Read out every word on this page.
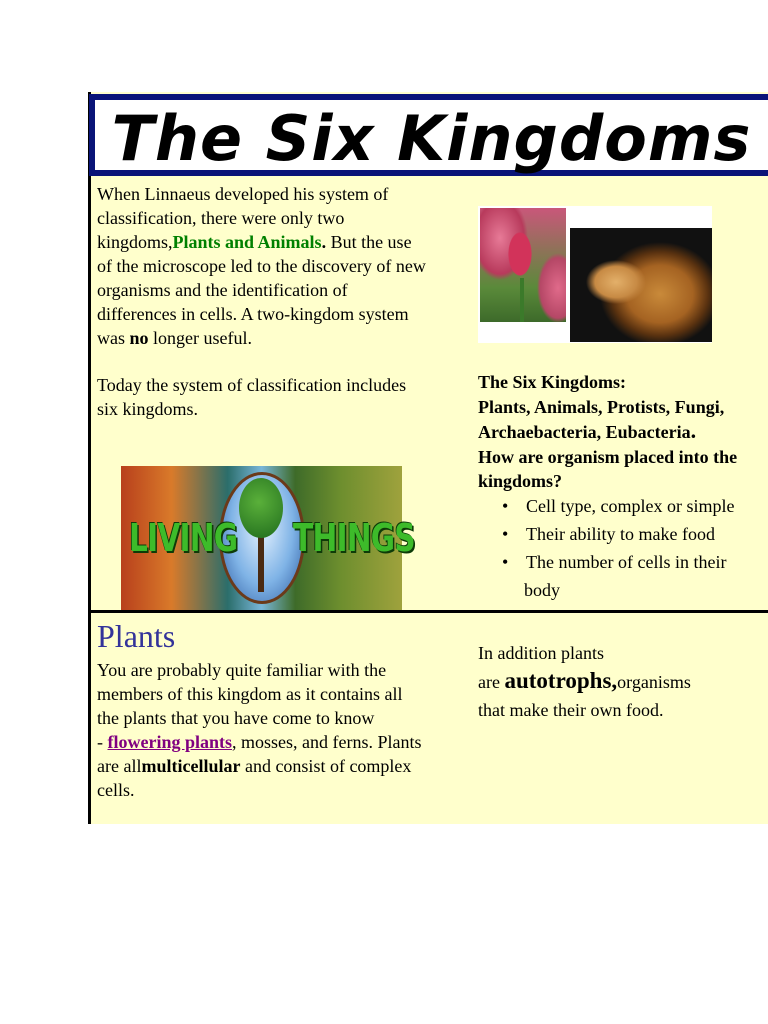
The Six Kingdoms
When Linnaeus developed his system of
classification, there were only two
kingdoms,Plants and Animals. But the use
of the microscope led to the discovery of new
organisms and the identification of
differences in cells. A two-kingdom system
was no longer useful.
Today the system of classification includes
six kingdoms.
LIVING THINGS
The Six Kingdoms:
Plants, Animals, Protists, Fungi,
Archaebacteria, Eubacteria.
How are organism placed into the
kingdoms?
• Cell type, complex or simple
• Their ability to make food
• The number of cells in their
body
Plants
You are probably quite familiar with the
members of this kingdom as it contains all
the plants that you have come to know
- flowering plants, mosses, and ferns. Plants
are allmulticellular and consist of complex
cells.
In addition plants
are autotrophs,organisms
that make their own food.
